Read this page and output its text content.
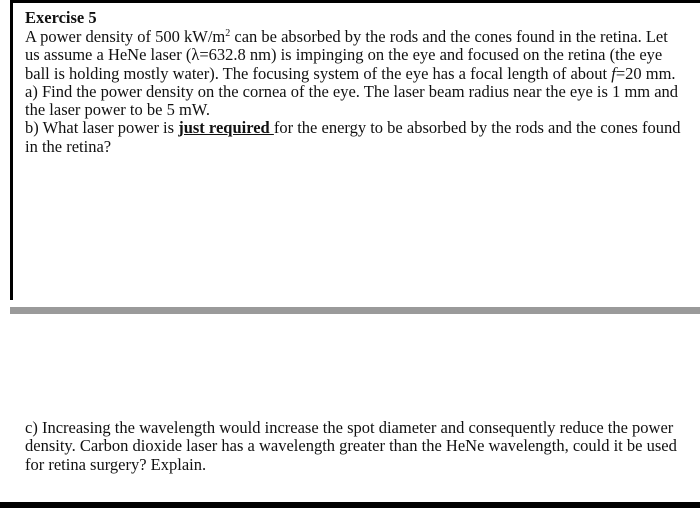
Exercise 5
A power density of 500 $kW/m^2$ can be absorbed by the rods and the cones found in the retina. Let us assume a HeNe laser (λ=632.8 nm) is impinging on the eye and focused on the retina (the eye ball is holding mostly water). The focusing system of the eye has a focal length of about f=20 mm.
a) Find the power density on the cornea of the eye. The laser beam radius near the eye is 1 mm and the laser power to be 5 mW.
b) What laser power is just required for the energy to be absorbed by the rods and the cones found in the retina?
c) Increasing the wavelength would increase the spot diameter and consequently reduce the power density. Carbon dioxide laser has a wavelength greater than the HeNe wavelength, could it be used for retina surgery? Explain.
